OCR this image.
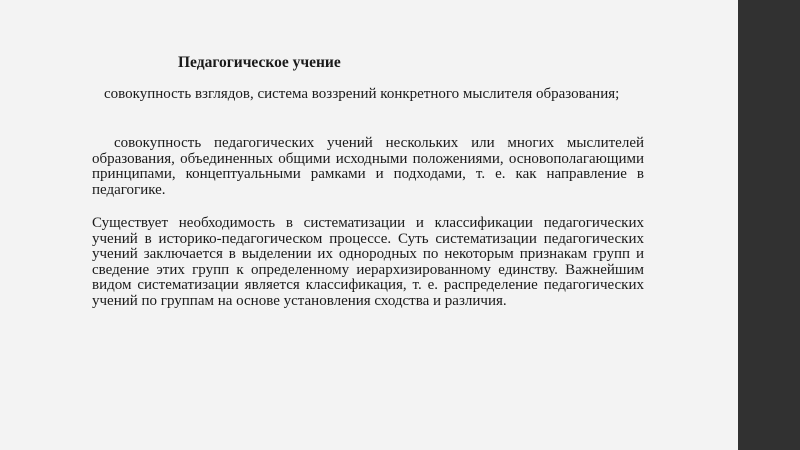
Педагогическое учение
совокупность взглядов, система воззрений конкретного мыслителя образования;
совокупность педагогических учений нескольких или многих мыслителей образования, объединенных общими исходными положениями, основополагающими принципами, концептуальными рамками и подходами, т. е. как направление в педагогике.
Существует необходимость в систематизации и классификации педагогических учений в историко-педагогическом процессе. Суть систематизации педагогических учений заключается в выделении их однородных по некоторым признакам групп и сведение этих групп к определенному иерархизированному единству. Важнейшим видом систематизации является классификация, т. е. распределение педагогических учений по группам на основе установления сходства и различия.
